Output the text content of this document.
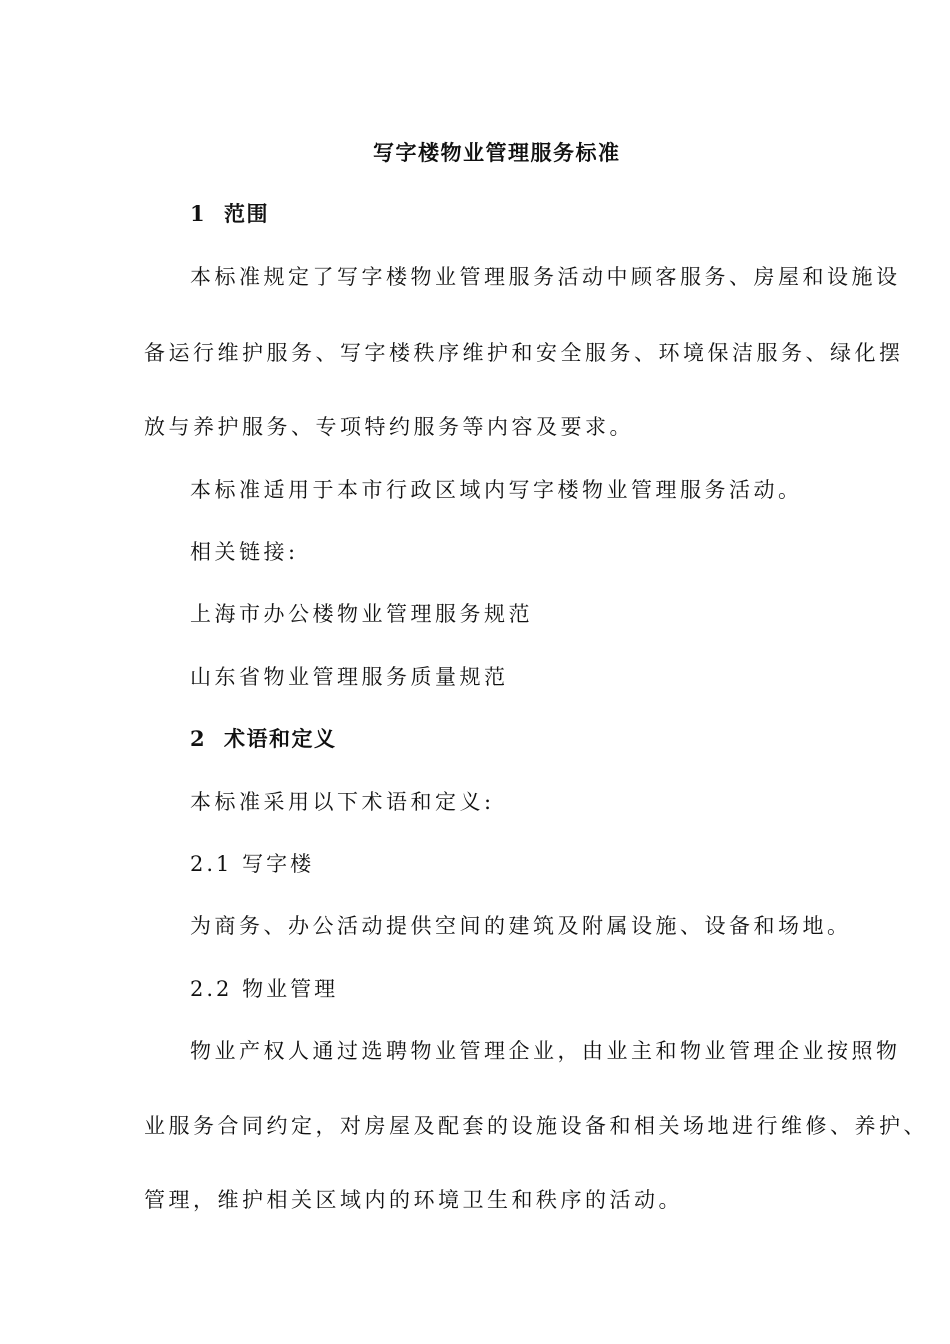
写字楼物业管理服务标准
1 范围
本标准规定了写字楼物业管理服务活动中顾客服务、房屋和设施设
备运行维护服务、写字楼秩序维护和安全服务、环境保洁服务、绿化摆
放与养护服务、专项特约服务等内容及要求。
本标准适用于本市行政区域内写字楼物业管理服务活动。
相关链接:
上海市办公楼物业管理服务规范
山东省物业管理服务质量规范
2 术语和定义
本标准采用以下术语和定义:
2.1 写字楼
为商务、办公活动提供空间的建筑及附属设施、设备和场地。
2.2 物业管理
物业产权人通过选聘物业管理企业，由业主和物业管理企业按照物
业服务合同约定，对房屋及配套的设施设备和相关场地进行维修、养护、
管理，维护相关区域内的环境卫生和秩序的活动。
